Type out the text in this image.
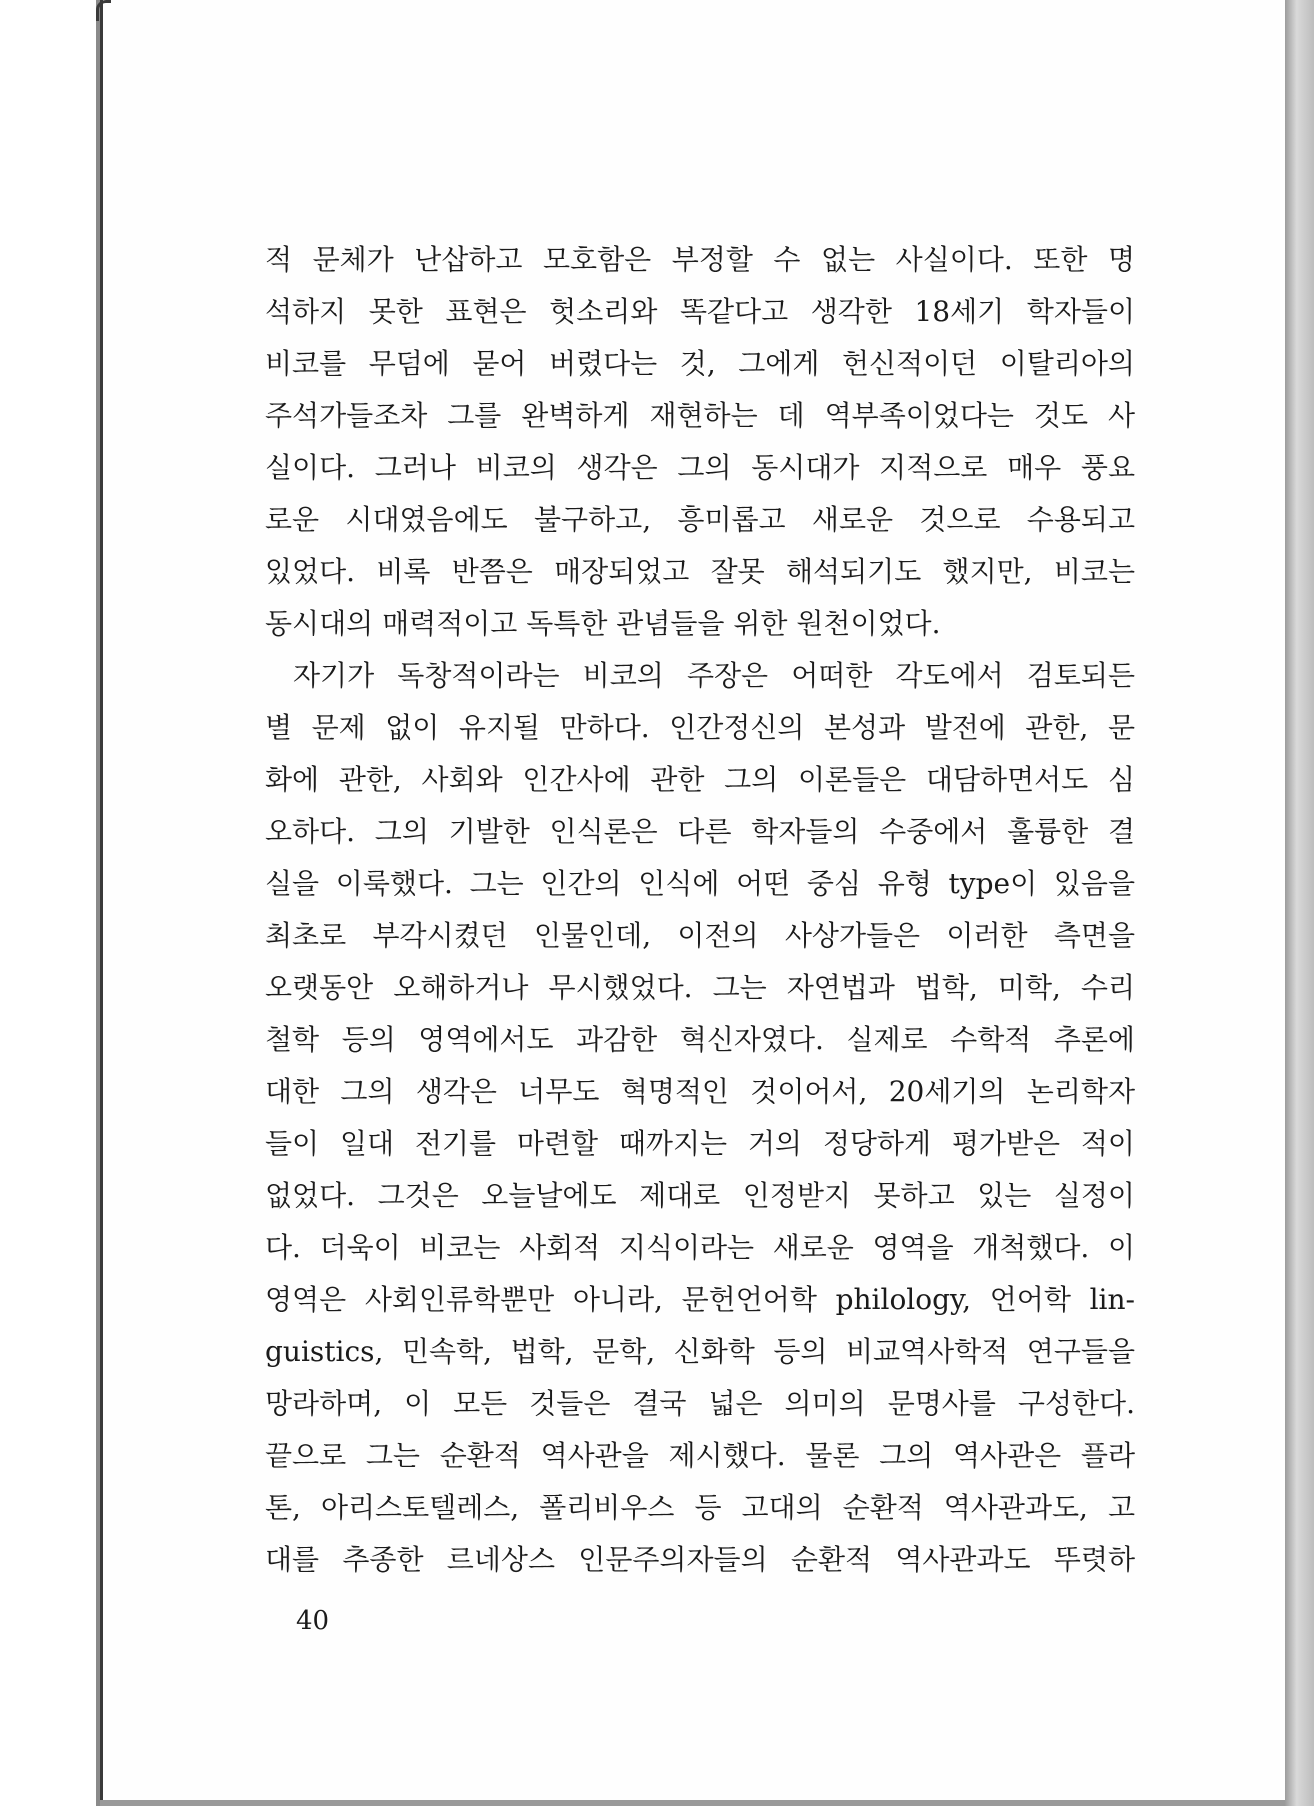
적 문체가 난삽하고 모호함은 부정할 수 없는 사실이다. 또한 명
석하지 못한 표현은 헛소리와 똑같다고 생각한 18세기 학자들이
비코를 무덤에 묻어 버렸다는 것, 그에게 헌신적이던 이탈리아의
주석가들조차 그를 완벽하게 재현하는 데 역부족이었다는 것도 사
실이다. 그러나 비코의 생각은 그의 동시대가 지적으로 매우 풍요
로운 시대였음에도 불구하고, 흥미롭고 새로운 것으로 수용되고
있었다. 비록 반쯤은 매장되었고 잘못 해석되기도 했지만, 비코는
동시대의 매력적이고 독특한 관념들을 위한 원천이었다.
자기가 독창적이라는 비코의 주장은 어떠한 각도에서 검토되든
별 문제 없이 유지될 만하다. 인간정신의 본성과 발전에 관한, 문
화에 관한, 사회와 인간사에 관한 그의 이론들은 대담하면서도 심
오하다. 그의 기발한 인식론은 다른 학자들의 수중에서 훌륭한 결
실을 이룩했다. 그는 인간의 인식에 어떤 중심 유형 type이 있음을
최초로 부각시켰던 인물인데, 이전의 사상가들은 이러한 측면을
오랫동안 오해하거나 무시했었다. 그는 자연법과 법학, 미학, 수리
철학 등의 영역에서도 과감한 혁신자였다. 실제로 수학적 추론에
대한 그의 생각은 너무도 혁명적인 것이어서, 20세기의 논리학자
들이 일대 전기를 마련할 때까지는 거의 정당하게 평가받은 적이
없었다. 그것은 오늘날에도 제대로 인정받지 못하고 있는 실정이
다. 더욱이 비코는 사회적 지식이라는 새로운 영역을 개척했다. 이
영역은 사회인류학뿐만 아니라, 문헌언어학 philology, 언어학 lin-
guistics, 민속학, 법학, 문학, 신화학 등의 비교역사학적 연구들을
망라하며, 이 모든 것들은 결국 넓은 의미의 문명사를 구성한다.
끝으로 그는 순환적 역사관을 제시했다. 물론 그의 역사관은 플라
톤, 아리스토텔레스, 폴리비우스 등 고대의 순환적 역사관과도, 고
대를 추종한 르네상스 인문주의자들의 순환적 역사관과도 뚜렷하
40
